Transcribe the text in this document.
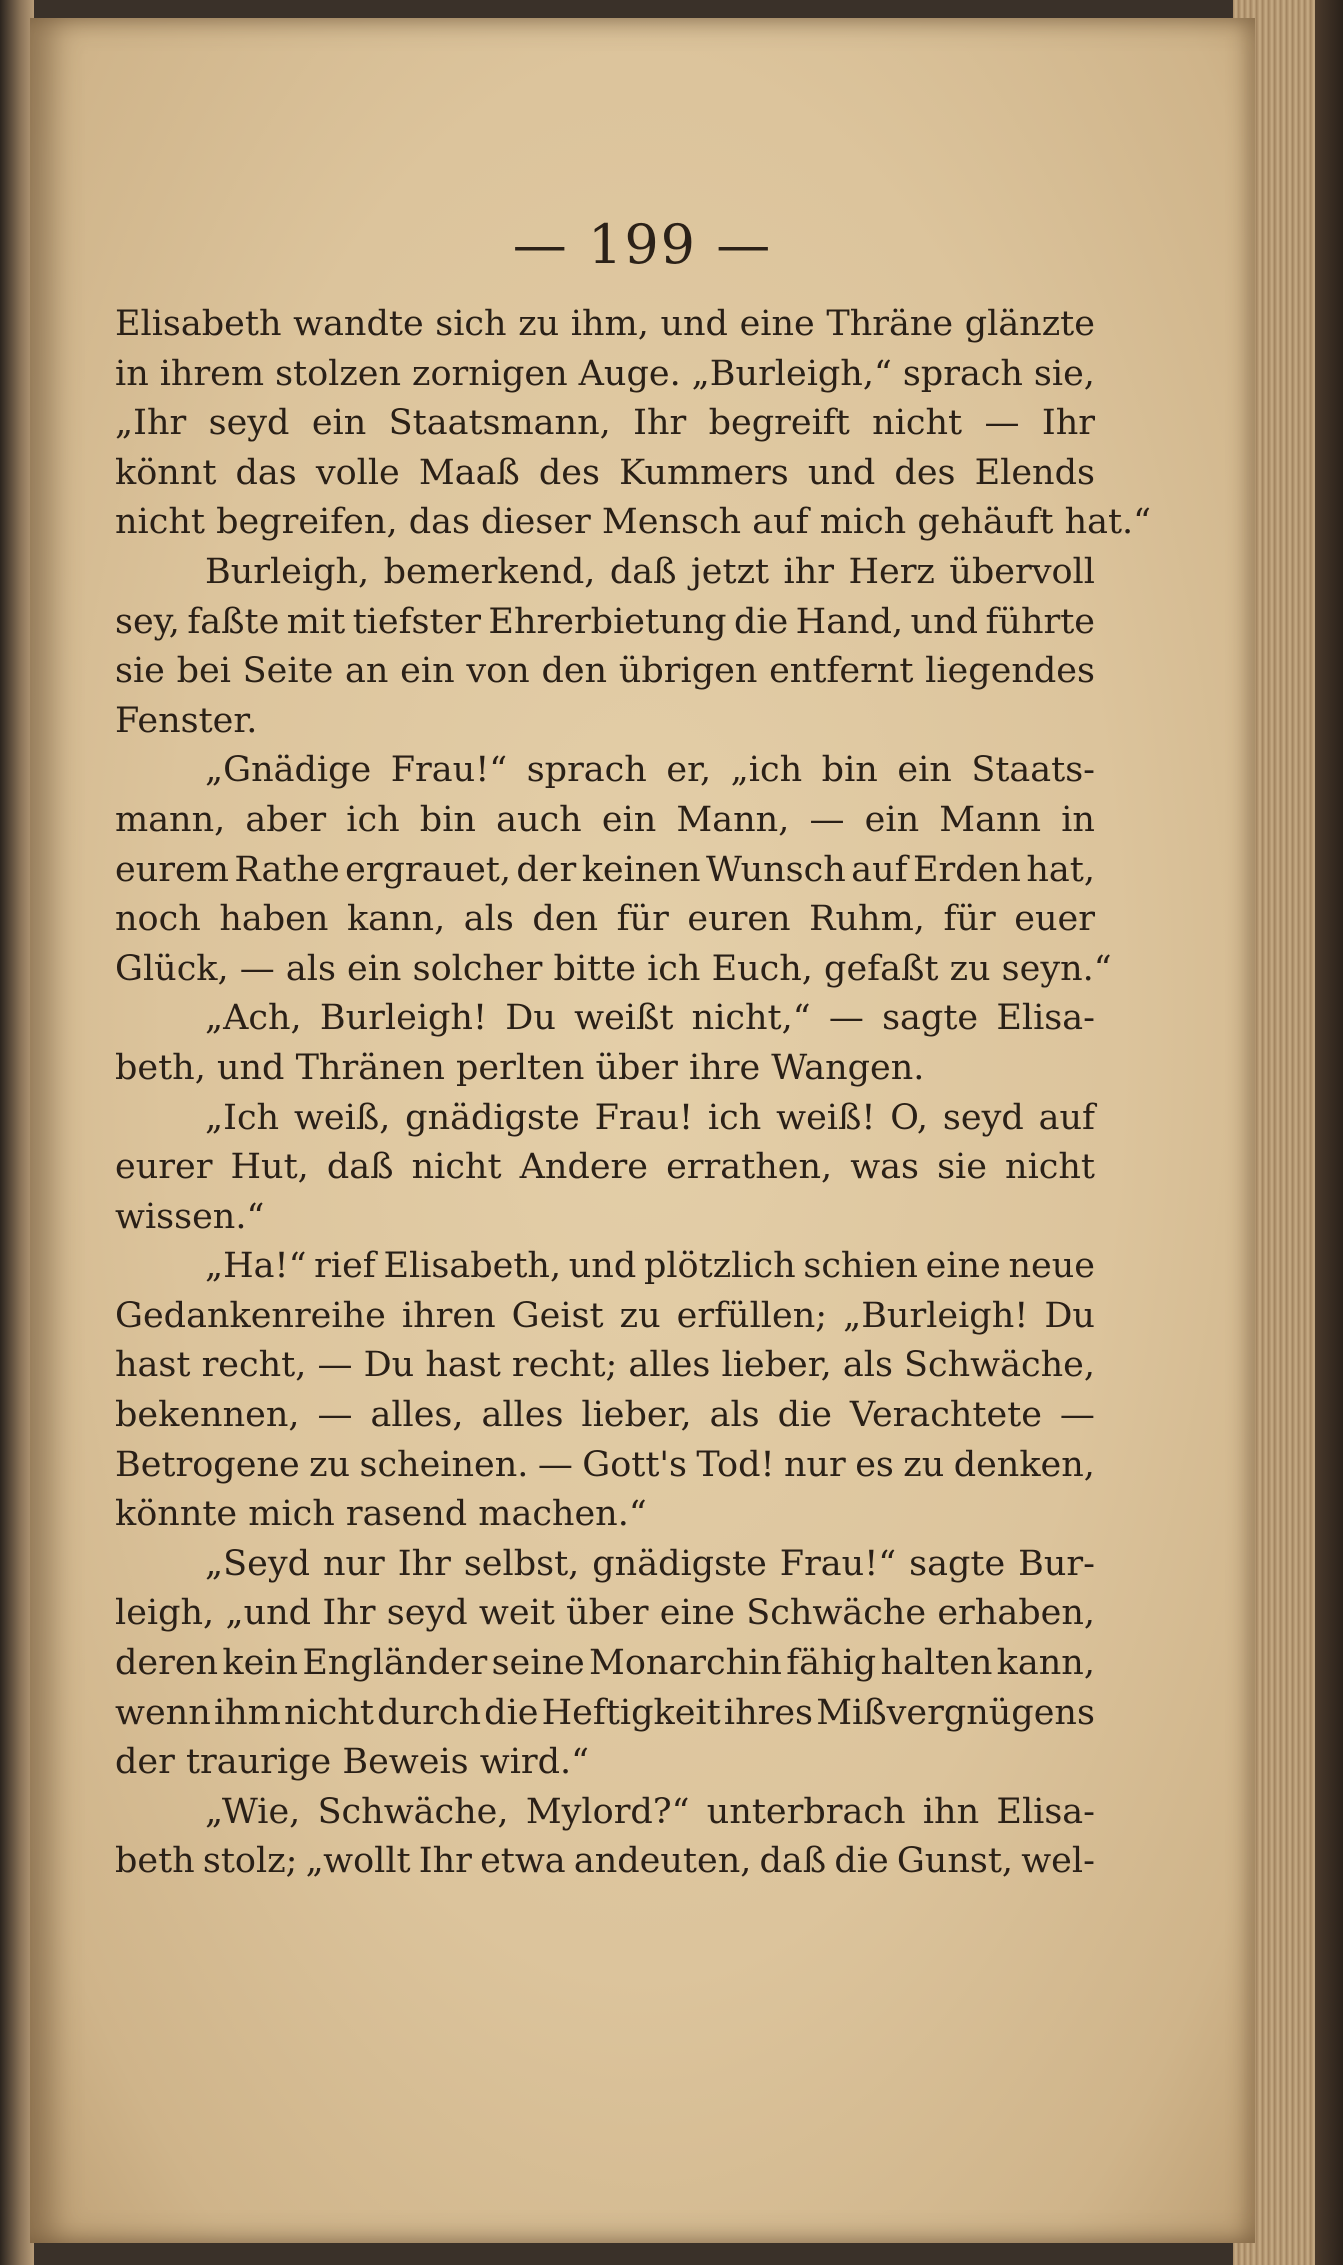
— 199 —
Elisabeth wandte sich zu ihm, und eine Thräne glänzte
in ihrem stolzen zornigen Auge. „Burleigh,“ sprach sie,
„Ihr seyd ein Staatsmann, Ihr begreift nicht — Ihr
könnt das volle Maaß des Kummers und des Elends
nicht begreifen, das dieser Mensch auf mich gehäuft hat.“
Burleigh, bemerkend, daß jetzt ihr Herz übervoll
sey, faßte mit tiefster Ehrerbietung die Hand, und führte
sie bei Seite an ein von den übrigen entfernt liegendes
Fenster.
„Gnädige Frau!“ sprach er, „ich bin ein Staats-
mann, aber ich bin auch ein Mann, — ein Mann in
eurem Rathe ergrauet, der keinen Wunsch auf Erden hat,
noch haben kann, als den für euren Ruhm, für euer
Glück, — als ein solcher bitte ich Euch, gefaßt zu seyn.“
„Ach, Burleigh! Du weißt nicht,“ — sagte Elisa-
beth, und Thränen perlten über ihre Wangen.
„Ich weiß, gnädigste Frau! ich weiß! O, seyd auf
eurer Hut, daß nicht Andere errathen, was sie nicht
wissen.“
„Ha!“ rief Elisabeth, und plötzlich schien eine neue
Gedankenreihe ihren Geist zu erfüllen; „Burleigh! Du
hast recht, — Du hast recht; alles lieber, als Schwäche,
bekennen, — alles, alles lieber, als die Verachtete —
Betrogene zu scheinen. — Gott's Tod! nur es zu denken,
könnte mich rasend machen.“
„Seyd nur Ihr selbst, gnädigste Frau!“ sagte Bur-
leigh, „und Ihr seyd weit über eine Schwäche erhaben,
deren kein Engländer seine Monarchin fähig halten kann,
wenn ihm nicht durch die Heftigkeit ihres Mißvergnügens
der traurige Beweis wird.“
„Wie, Schwäche, Mylord?“ unterbrach ihn Elisa-
beth stolz; „wollt Ihr etwa andeuten, daß die Gunst, wel-
